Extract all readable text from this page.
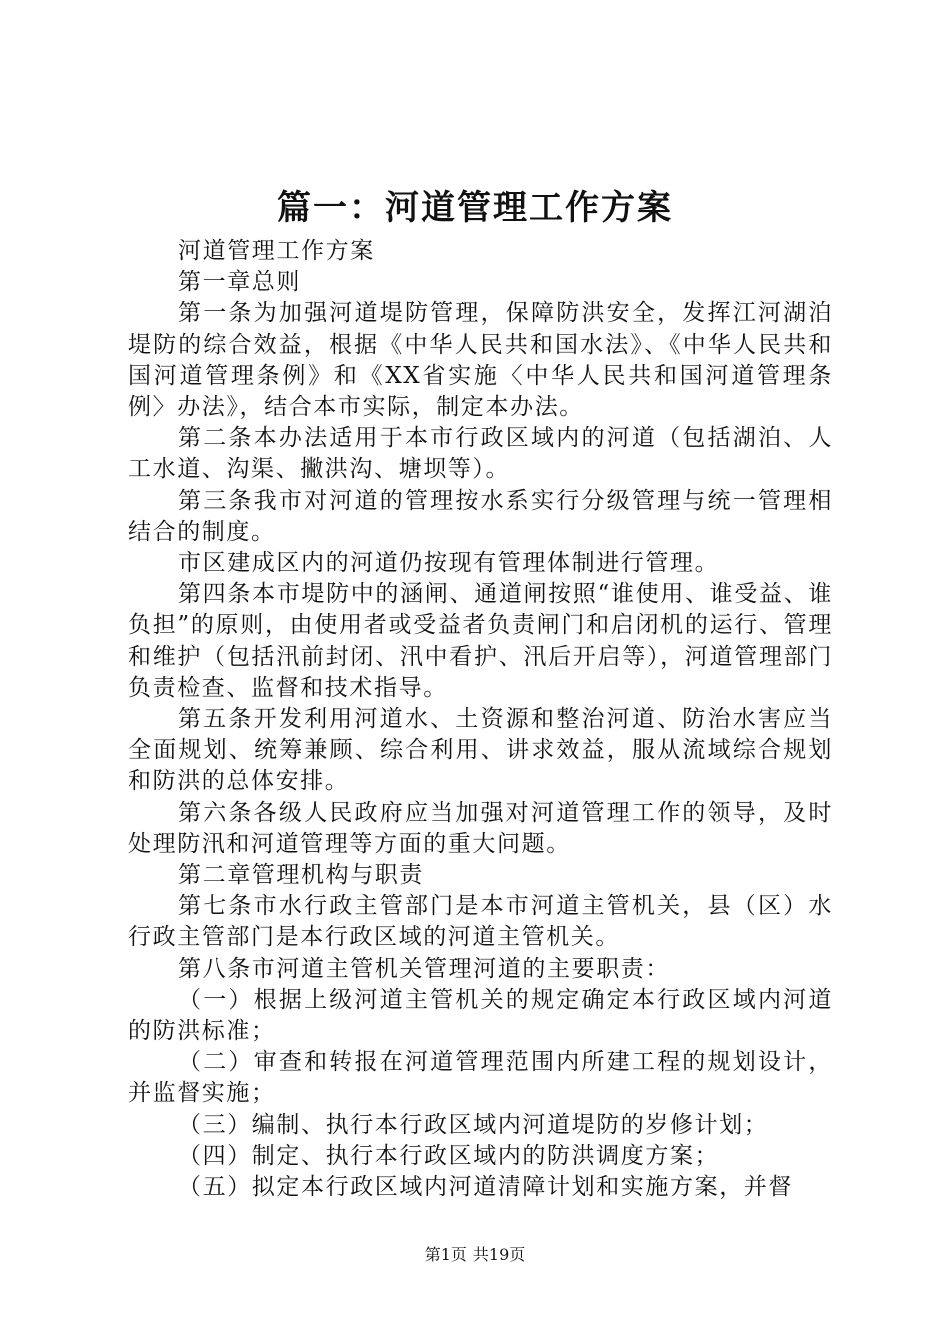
篇一：河道管理工作方案

河道管理工作方案

第一章总则

第一条为加强河道堤防管理，保障防洪安全，发挥江河湖泊堤防的综合效益，根据《中华人民共和国水法》、《中华人民共和国河道管理条例》和《XX省实施〈中华人民共和国河道管理条例〉办法》，结合本市实际，制定本办法。

第二条本办法适用于本市行政区域内的河道（包括湖泊、人工水道、沟渠、撇洪沟、塘坝等）。

第三条我市对河道的管理按水系实行分级管理与统一管理相结合的制度。

市区建成区内的河道仍按现有管理体制进行管理。

第四条本市堤防中的涵闸、通道闸按照“谁使用、谁受益、谁负担”的原则，由使用者或受益者负责闸门和启闭机的运行、管理和维护（包括汛前封闭、汛中看护、汛后开启等），河道管理部门负责检查、监督和技术指导。

第五条开发利用河道水、土资源和整治河道、防治水害应当全面规划、统筹兼顾、综合利用、讲求效益，服从流域综合规划和防洪的总体安排。

第六条各级人民政府应当加强对河道管理工作的领导，及时处理防汛和河道管理等方面的重大问题。

第二章管理机构与职责

第七条市水行政主管部门是本市河道主管机关，县（区）水行政主管部门是本行政区域的河道主管机关。

第八条市河道主管机关管理河道的主要职责：

（一）根据上级河道主管机关的规定确定本行政区域内河道的防洪标准；

（二）审查和转报在河道管理范围内所建工程的规划设计，并监督实施；

（三）编制、执行本行政区域内河道堤防的岁修计划；

（四）制定、执行本行政区域内的防洪调度方案；

（五）拟定本行政区域内河道清障计划和实施方案，并督

第1页 共19页
